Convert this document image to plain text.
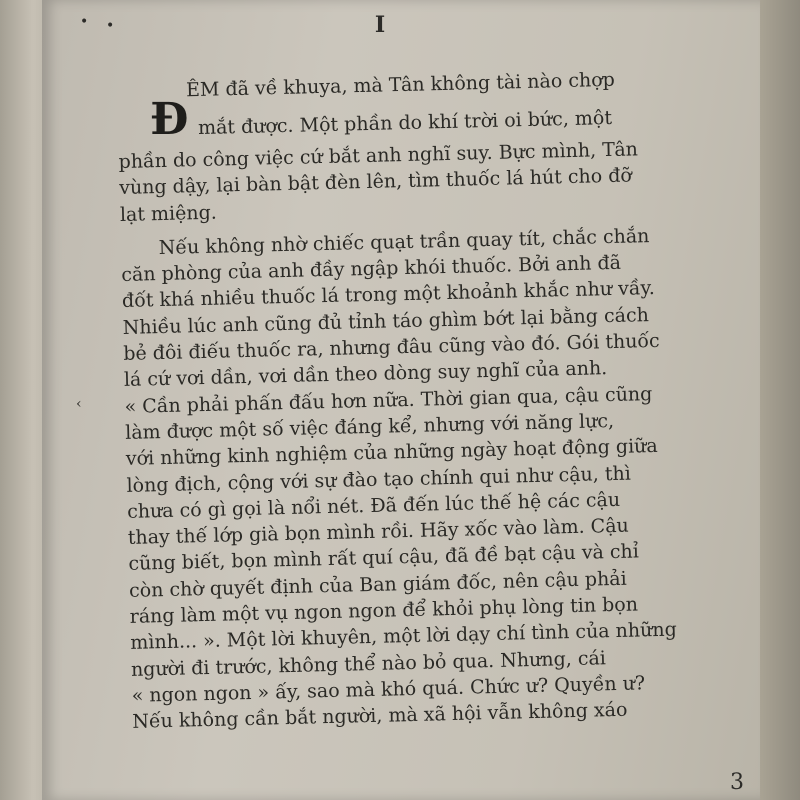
I
Đ
ÊM đã về khuya, mà Tân không tài nào chợp
mắt được. Một phần do khí trời oi bức, một
phần do công việc cứ bắt anh nghĩ suy. Bực mình, Tân
vùng dậy, lại bàn bật đèn lên, tìm thuốc lá hút cho đỡ
lạt miệng.
Nếu không nhờ chiếc quạt trần quay tít, chắc chắn
căn phòng của anh đầy ngập khói thuốc. Bởi anh đã
đốt khá nhiều thuốc lá trong một khoảnh khắc như vầy.
Nhiều lúc anh cũng đủ tỉnh táo ghìm bớt lại bằng cách
bẻ đôi điếu thuốc ra, nhưng đâu cũng vào đó. Gói thuốc
lá cứ vơi dần, vơi dần theo dòng suy nghĩ của anh.
« Cần phải phấn đấu hơn nữa. Thời gian qua, cậu cũng
làm được một số việc đáng kể, nhưng với năng lực,
với những kinh nghiệm của những ngày hoạt động giữa
lòng địch, cộng với sự đào tạo chính qui như cậu, thì
chưa có gì gọi là nổi nét. Đã đến lúc thế hệ các cậu
thay thế lớp già bọn mình rồi. Hãy xốc vào làm. Cậu
cũng biết, bọn mình rất quí cậu, đã đề bạt cậu và chỉ
còn chờ quyết định của Ban giám đốc, nên cậu phải
ráng làm một vụ ngon ngon để khỏi phụ lòng tin bọn
mình... ». Một lời khuyên, một lời dạy chí tình của những
người đi trước, không thể nào bỏ qua. Nhưng, cái
« ngon ngon » ấy, sao mà khó quá. Chức ư? Quyền ư?
Nếu không cần bắt người, mà xã hội vẫn không xáo
• •
‹
3
